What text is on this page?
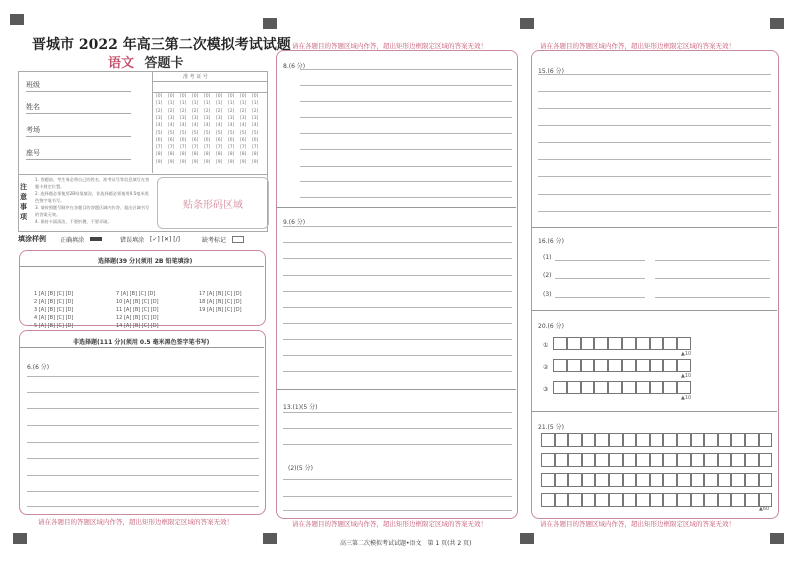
晋城市 2022 年高三第二次模拟考试试题
语文 答题卡
班级
姓名
考场
座号
准 考 证 号
[0] [0] [0] [0] [0] [0] [0] [0] [0]
[1] [1] [1] [1] [1] [1] [1] [1] [1]
[2] [2] [2] [2] [2] [2] [2] [2] [2]
[3] [3] [3] [3] [3] [3] [3] [3] [3]
[4] [4] [4] [4] [4] [4] [4] [4] [4]
[5] [5] [5] [5] [5] [5] [5] [5] [5]
[6] [6] [6] [6] [6] [6] [6] [6] [6]
[7] [7] [7] [7] [7] [7] [7] [7] [7]
[8] [8] [8] [8] [8] [8] [8] [8] [8]
[9] [9] [9] [9] [9] [9] [9] [9] [9]
注意事项
1. 答题前，考生务必将自己的姓名、准考证号等信息填写在答题卡规定位置。
2. 选择题必须使用2B铅笔填涂，非选择题必须使用0.5毫米黑色签字笔书写。
3. 请按照题号顺序在各题目的答题区域内作答，超出区域书写的答案无效。
4. 保持卡面清洁，不要折叠，不要弄破。
贴条形码区域
填涂样例 正确填涂	错误填涂 [✓] [✕] [/]	缺考标记
选择题(39 分)(须用 2B 铅笔填涂)

1 [A] [B] [C] [D]
2 [A] [B] [C] [D]
3 [A] [B] [C] [D]
4 [A] [B] [C] [D]
5 [A] [B] [C] [D]

7 [A] [B] [C] [D]
10 [A] [B] [C] [D]
11 [A] [B] [C] [D]
12 [A] [B] [C] [D]
14 [A] [B] [C] [D]

17 [A] [B] [C] [D]
18 [A] [B] [C] [D]
19 [A] [B] [C] [D]

非选择题(111 分)(须用 0.5 毫米黑色签字笔书写)
6.(6 分)
请在各题目的答题区域内作答，超出矩形边框限定区域的答案无效！
请在各题目的答题区域内作答，超出矩形边框限定区域的答案无效！
8.(6 分)
9.(6 分)
13.(1)(5 分)
(2)(5 分)
请在各题目的答题区域内作答，超出矩形边框限定区域的答案无效！
请在各题目的答题区域内作答，超出矩形边框限定区域的答案无效！
15.(6 分)
16.(6 分)
(1)
(2)
(3)
20.(6 分)
①
②
③
▲10
▲10
▲10
21.(5 分)
▲60
请在各题目的答题区域内作答，超出矩形边框限定区域的答案无效！
高三第二次模拟考试试题•语文　第 1 页(共 2 页)
